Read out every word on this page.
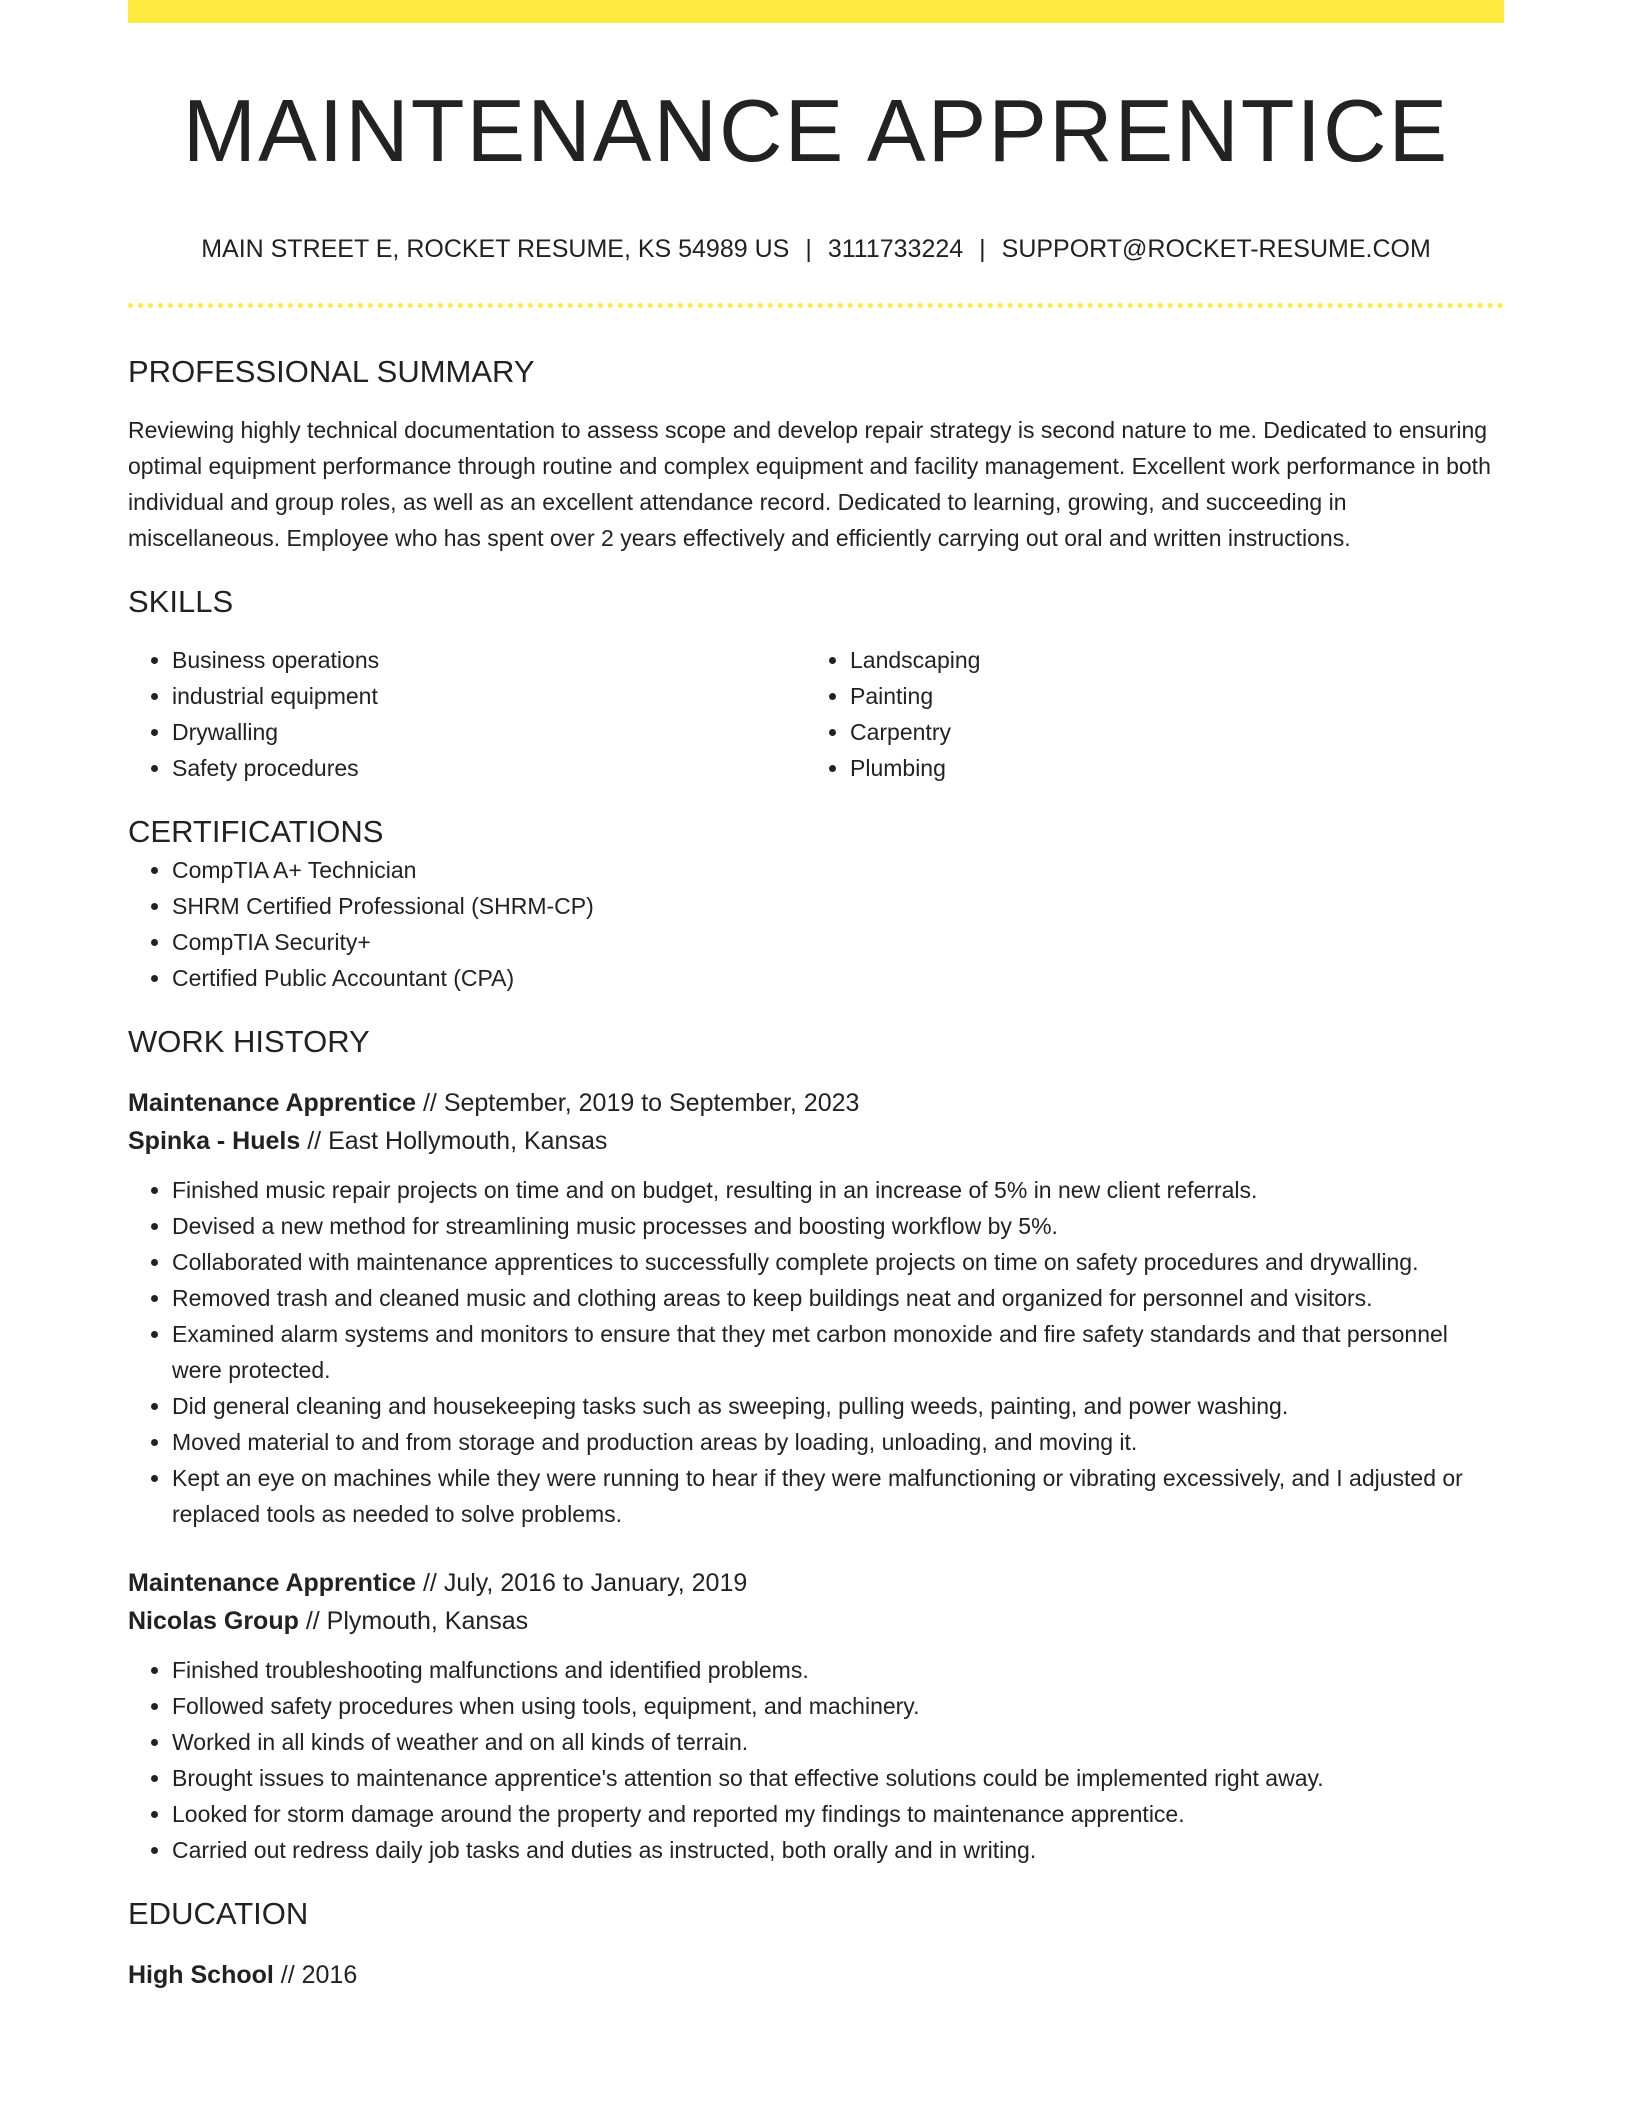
MAINTENANCE APPRENTICE
MAIN STREET E, ROCKET RESUME, KS 54989 US | 3111733224 | SUPPORT@ROCKET-RESUME.COM
PROFESSIONAL SUMMARY
Reviewing highly technical documentation to assess scope and develop repair strategy is second nature to me. Dedicated to ensuring optimal equipment performance through routine and complex equipment and facility management. Excellent work performance in both individual and group roles, as well as an excellent attendance record. Dedicated to learning, growing, and succeeding in miscellaneous. Employee who has spent over 2 years effectively and efficiently carrying out oral and written instructions.
SKILLS
• Business operations
• industrial equipment
• Drywalling
• Safety procedures
• Landscaping
• Painting
• Carpentry
• Plumbing
CERTIFICATIONS
• CompTIA A+ Technician
• SHRM Certified Professional (SHRM-CP)
• CompTIA Security+
• Certified Public Accountant (CPA)
WORK HISTORY
Maintenance Apprentice // September, 2019 to September, 2023
Spinka - Huels // East Hollymouth, Kansas
• Finished music repair projects on time and on budget, resulting in an increase of 5% in new client referrals.
• Devised a new method for streamlining music processes and boosting workflow by 5%.
• Collaborated with maintenance apprentices to successfully complete projects on time on safety procedures and drywalling.
• Removed trash and cleaned music and clothing areas to keep buildings neat and organized for personnel and visitors.
• Examined alarm systems and monitors to ensure that they met carbon monoxide and fire safety standards and that personnel were protected.
• Did general cleaning and housekeeping tasks such as sweeping, pulling weeds, painting, and power washing.
• Moved material to and from storage and production areas by loading, unloading, and moving it.
• Kept an eye on machines while they were running to hear if they were malfunctioning or vibrating excessively, and I adjusted or replaced tools as needed to solve problems.
Maintenance Apprentice // July, 2016 to January, 2019
Nicolas Group // Plymouth, Kansas
• Finished troubleshooting malfunctions and identified problems.
• Followed safety procedures when using tools, equipment, and machinery.
• Worked in all kinds of weather and on all kinds of terrain.
• Brought issues to maintenance apprentice's attention so that effective solutions could be implemented right away.
• Looked for storm damage around the property and reported my findings to maintenance apprentice.
• Carried out redress daily job tasks and duties as instructed, both orally and in writing.
EDUCATION
High School // 2016
